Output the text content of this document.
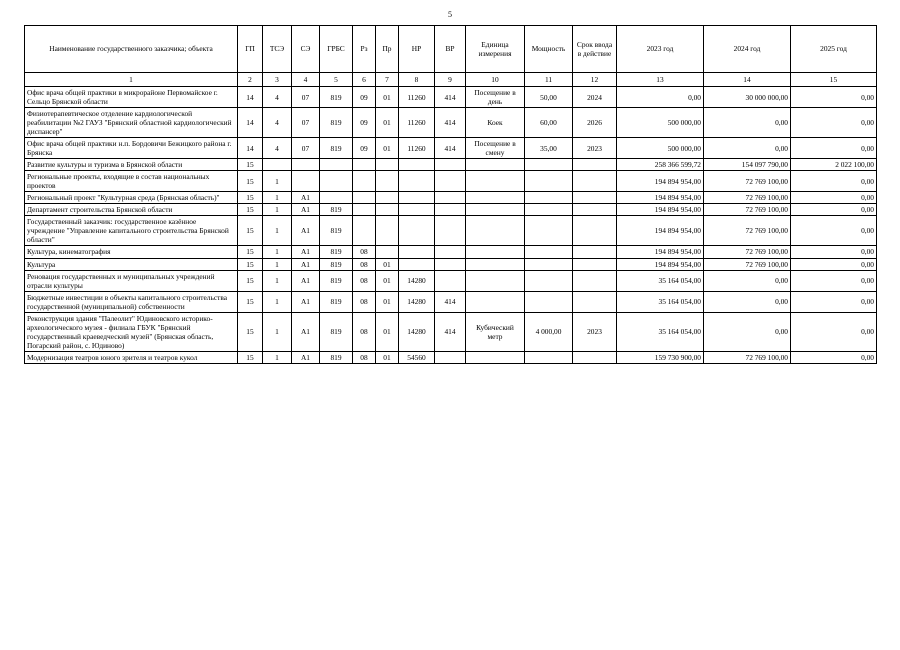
5
Наименование государственного заказчика; объекта	ГП	ТСЭ	СЭ	ГРБС	Рз	Пр	НР	ВР	Единица измерения	Мощность	Срок ввода в действие	2023 год	2024 год	2025 год
1	2	3	4	5	6	7	8	9	10	11	12	13	14	15
Офис врача общей практики в микрорайоне Первомайское г. Сельцо Брянской области	14	4	07	819	09	01	11260	414	Посещение в день	50,00	2024	0,00	30 000 000,00	0,00
Физиотерапевтическое отделение кардиологической реабилитации №2 ГАУЗ "Брянский областной кардиологический диспансер"	14	4	07	819	09	01	11260	414	Коек	60,00	2026	500 000,00	0,00	0,00
Офис врача общей практики н.п. Бордовичи Бежицкого района г. Брянска	14	4	07	819	09	01	11260	414	Посещение в смену	35,00	2023	500 000,00	0,00	0,00
Развитие культуры и туризма в Брянской области	15											258 366 599,72	154 097 790,00	2 022 100,00
Региональные проекты, входящие в состав национальных проектов	15	1										194 894 954,00	72 769 100,00	0,00
Региональный проект "Культурная среда (Брянская область)"	15	1	А1									194 894 954,00	72 769 100,00	0,00
Департамент строительства Брянской области	15	1	А1	819								194 894 954,00	72 769 100,00	0,00
Государственный заказчик: государственное казённое учреждение "Управление капитального строительства Брянской области"	15	1	А1	819								194 894 954,00	72 769 100,00	0,00
Культура, кинематография	15	1	А1	819	08							194 894 954,00	72 769 100,00	0,00
Культура	15	1	А1	819	08	01						194 894 954,00	72 769 100,00	0,00
Реновация государственных и муниципальных учреждений отрасли культуры	15	1	А1	819	08	01	14280					35 164 054,00	0,00	0,00
Бюджетные инвестиции в объекты капитального строительства государственной (муниципальной) собственности	15	1	А1	819	08	01	14280	414				35 164 054,00	0,00	0,00
Реконструкция здания "Палеолит" Юдиновского историко-археологического музея - филиала ГБУК "Брянский государственный краеведческий музей" (Брянская область, Погарский район, с. Юдиново)	15	1	А1	819	08	01	14280	414	Кубический метр	4 000,00	2023	35 164 054,00	0,00	0,00
Модернизация театров юного зрителя и театров кукол	15	1	А1	819	08	01	54560					159 730 900,00	72 769 100,00	0,00
